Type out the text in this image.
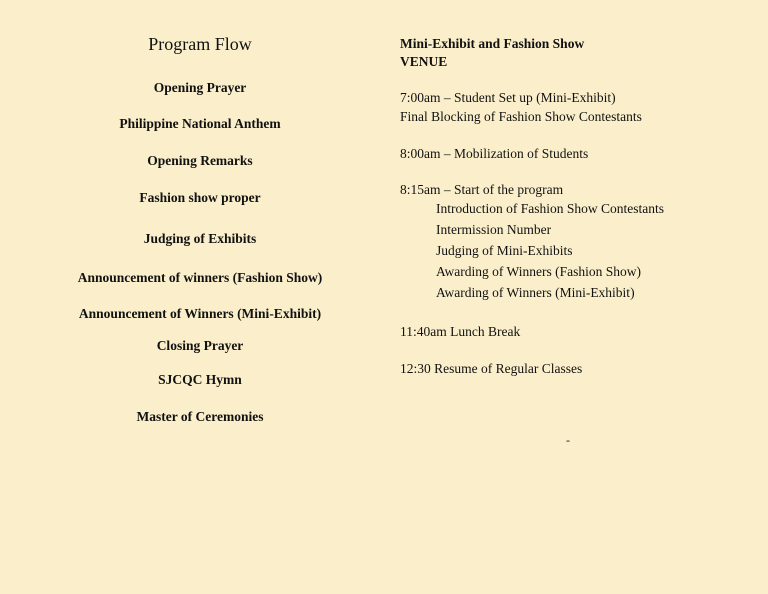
Program Flow
Opening Prayer
Philippine National Anthem
Opening Remarks
Fashion show proper
Judging of Exhibits
Announcement of winners (Fashion Show)
Announcement of Winners (Mini-Exhibit)
Closing Prayer
SJCQC Hymn
Master of Ceremonies
Mini-Exhibit and Fashion Show
VENUE
7:00am – Student Set up (Mini-Exhibit)
Final Blocking of Fashion Show Contestants
8:00am – Mobilization of Students
8:15am – Start of the program
Introduction of Fashion Show Contestants
Intermission Number
Judging of Mini-Exhibits
Awarding of Winners (Fashion Show)
Awarding of Winners (Mini-Exhibit)
11:40am Lunch Break
12:30 Resume of Regular Classes
-
